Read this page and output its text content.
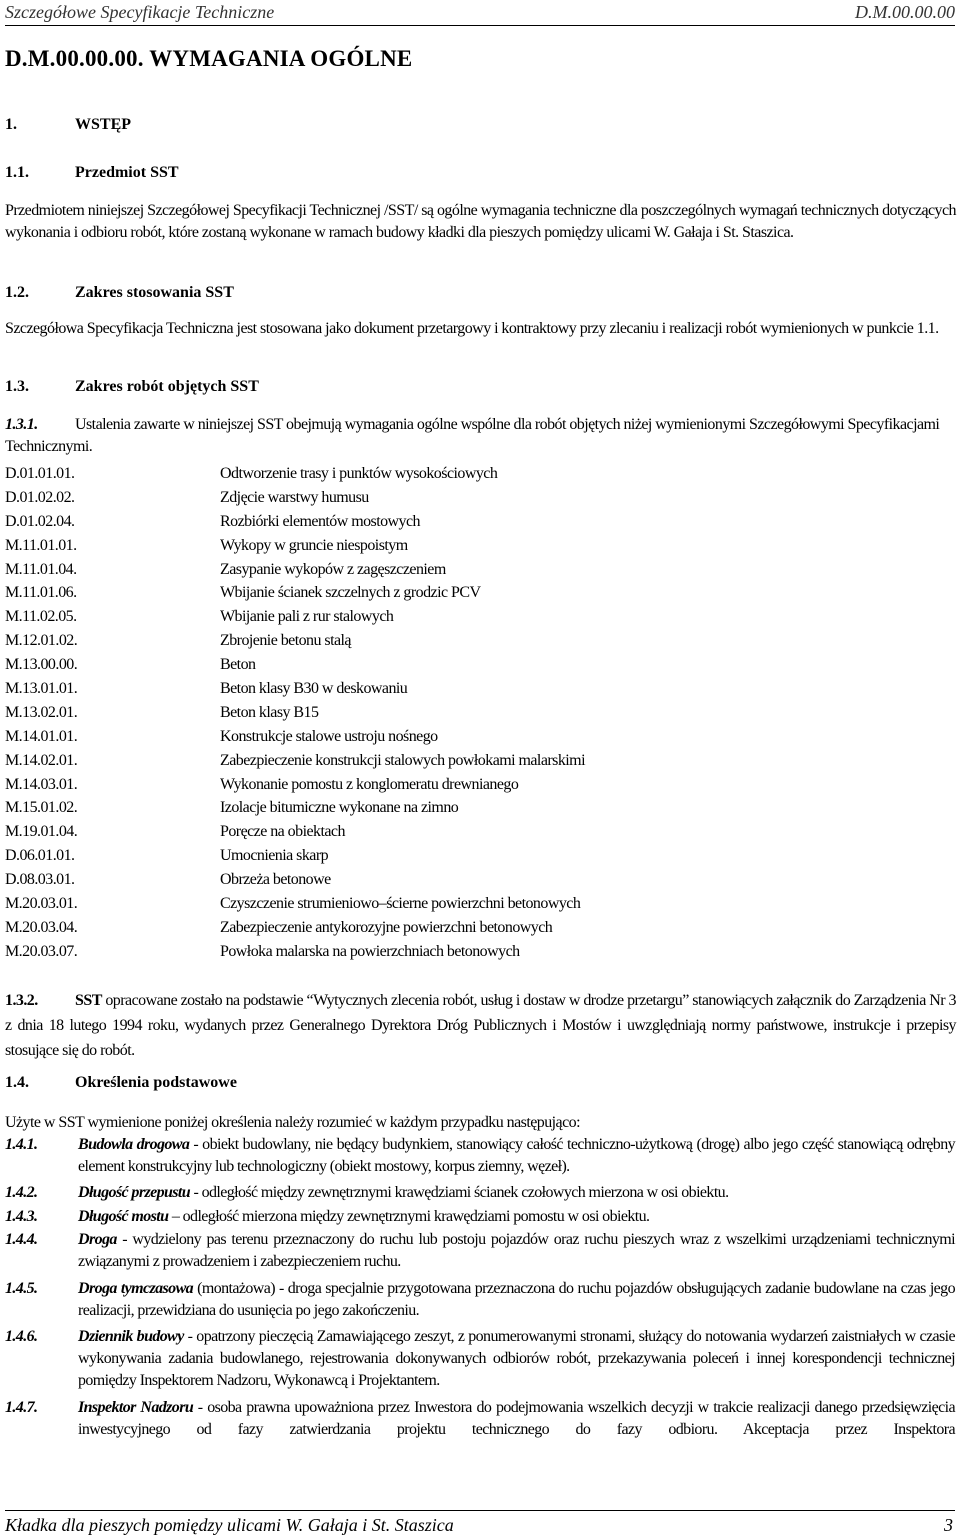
Szczegółowe Specyfikacje Techniczne	D.M.00.00.00
D.M.00.00.00. WYMAGANIA OGÓLNE
1.	WSTĘP
1.1.	Przedmiot SST
Przedmiotem niniejszej Szczegółowej Specyfikacji Technicznej /SST/ są ogólne wymagania techniczne dla poszczególnych wymagań technicznych dotyczących wykonania i odbioru robót, które zostaną wykonane w ramach budowy kładki dla pieszych pomiędzy ulicami W. Gałaja i St. Staszica.
1.2.	Zakres stosowania SST
Szczegółowa Specyfikacja Techniczna jest stosowana jako dokument przetargowy i kontraktowy przy zlecaniu i realizacji robót wymienionych w punkcie 1.1.
1.3.	Zakres robót objętych SST
1.3.1. Ustalenia zawarte w niniejszej SST obejmują wymagania ogólne wspólne dla robót objętych niżej wymienionymi Szczegółowymi Specyfikacjami Technicznymi.
D.01.01.01.	Odtworzenie trasy i punktów wysokościowych
D.01.02.02.	Zdjęcie warstwy humusu
D.01.02.04.	Rozbiórki elementów mostowych
M.11.01.01.	Wykopy w gruncie niespoistym
M.11.01.04.	Zasypanie wykopów z zagęszczeniem
M.11.01.06.	Wbijanie ścianek szczelnych z grodzic PCV
M.11.02.05.	Wbijanie pali z rur stalowych
M.12.01.02.	Zbrojenie betonu stalą
M.13.00.00.	Beton
M.13.01.01.	Beton klasy B30 w deskowaniu
M.13.02.01.	Beton klasy B15
M.14.01.01.	Konstrukcje stalowe ustroju nośnego
M.14.02.01.	Zabezpieczenie konstrukcji stalowych powłokami malarskimi
M.14.03.01.	Wykonanie pomostu z konglomeratu drewnianego
M.15.01.02.	Izolacje bitumiczne wykonane na zimno
M.19.01.04.	Poręcze na obiektach
D.06.01.01.	Umocnienia skarp
D.08.03.01.	Obrzeża betonowe
M.20.03.01.	Czyszczenie strumieniowo–ścierne powierzchni betonowych
M.20.03.04.	Zabezpieczenie antykorozyjne powierzchni betonowych
M.20.03.07.	Powłoka malarska na powierzchniach betonowych
1.3.2. SST opracowane zostało na podstawie “Wytycznych zlecenia robót, usług i dostaw w drodze przetargu” stanowiących załącznik do Zarządzenia Nr 3 z dnia 18 lutego 1994 roku, wydanych przez Generalnego Dyrektora Dróg Publicznych i Mostów i uwzględniają normy państwowe, instrukcje i przepisy stosujące się do robót.
1.4.	Określenia podstawowe
Użyte w SST wymienione poniżej określenia należy rozumieć w każdym przypadku następująco:
1.4.1.	Budowla drogowa - obiekt budowlany, nie będący budynkiem, stanowiący całość techniczno-użytkową (drogę) albo jego część stanowiącą odrębny element konstrukcyjny lub technologiczny (obiekt mostowy, korpus ziemny, węzeł).
1.4.2.	Długość przepustu - odległość między zewnętrznymi krawędziami ścianek czołowych mierzona w osi obiektu.
1.4.3.	Długość mostu – odległość mierzona między zewnętrznymi krawędziami pomostu w osi obiektu.
1.4.4.	Droga - wydzielony pas terenu przeznaczony do ruchu lub postoju pojazdów oraz ruchu pieszych wraz z wszelkimi urządzeniami technicznymi związanymi z prowadzeniem i zabezpieczeniem ruchu.
1.4.5.	Droga tymczasowa (montażowa) - droga specjalnie przygotowana przeznaczona do ruchu pojazdów obsługujących zadanie budowlane na czas jego realizacji, przewidziana do usunięcia po jego zakończeniu.
1.4.6.	Dziennik budowy - opatrzony pieczęcią Zamawiającego zeszyt, z ponumerowanymi stronami, służący do notowania wydarzeń zaistniałych w czasie wykonywania zadania budowlanego, rejestrowania dokonywanych odbiorów robót, przekazywania poleceń i innej korespondencji technicznej pomiędzy Inspektorem Nadzoru, Wykonawcą i Projektantem.
1.4.7.	Inspektor Nadzoru - osoba prawna upoważniona przez Inwestora do podejmowania wszelkich decyzji w trakcie realizacji danego przedsięwzięcia inwestycyjnego od fazy zatwierdzania projektu technicznego do fazy odbioru. Akceptacja przez Inspektora
Kładka dla pieszych pomiędzy ulicami W. Gałaja i St. Staszica	3
